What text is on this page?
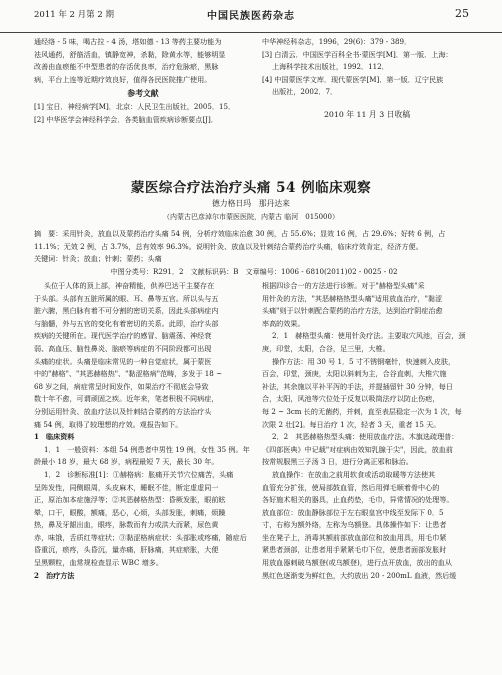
2011 年 2 月第 2 期	中国民族医药杂志	25
通经络 - 5 味，喝古拉 - 4 汤，塔如德 - 13 等药主要功能为
祛风通药，舒筋活血，镇静宽神，杀黏，除黄水等，能够明显
改善由血瘀能不中型患者的存活优良率，治疗危脉瘀，黑脉
病，平台上连等近期疗效良好，值得各民医院推广使用。
参考文献
[1] 宝日．神经病学[M]．北京：人民卫生出版社，2005．15．
[2] 中华医学会神经科学会．各类脑血管疾病诊断要点[J]．
中华神经科杂志，1996，29(6)：379 - 389．
[3] 白清云．中国医学百科全书·蒙医学[M]．第一版．上海：
上海科学技术出版社，1992．112．
[4] 中国蒙医学文库．现代蒙医学[M]．第一版．辽宁民族
出版社，2002．7．
2010 年 11 月 3 日收稿
蒙医综合疗法治疗头痛 54 例临床观察
德力格日玛　那丹达来
（内蒙古巴彦淖尔市蒙医医院，内蒙古 临河　015000）
摘　要：采用针灸，放血以及蒙药治疗头痛 54 例，分析疗效临床治愈 30 例，占 55.6%；显效 16 例，占 29.6%；好转 6 例，占
11.1%；无效 2 例，占 3.7%，总有效率 96.3%。说明针灸、放血以及针刺结合蒙药治疗头痛，临床疗效肯定，经济方便。
关键词：针灸；放血；针刺；蒙药；头痛
中图分类号：R291．2　文献标识码：B　文章编号：1006 - 6810(2011)02 - 0025 - 02
头位于人体的顶上部，神奋精能，供养巴达干主要存在
于头部。头部有五脏所属的眼、耳、鼻等五官。所以头与五
脏六腑，黑白脉有着不可分割的密切关系，因此头部病症内
与脑髓，外与五官的变化有着密切的关系。此即，治疗头部
疾病的关键所在。现代医学治疗的感冒、脑震荡、神经衰
弱、高血压、脑性鼻炎、脑瘀等病症的不同阶段都可出现
头痛的症状。头痛是临床常见的一种自觉症状，属于蒙医
中的"赫格"、"其恶赫格热"、"黏涩格病"范畴，多发于 18 ~
68 岁之间，病症常呈时间发作，如果治疗不彻底会导致
数十年不愈，可谓顽固之疾。近年来，笔者积极不同病症，
分别运用针灸、放血疗法以及针刺结合蒙药的方法治疗头
痛 54 例，取得了较理想的疗效。观报告如下。
1　临床资料
1．1　一般资料：本组 54 例患者中男性 19 例，女性 35 例。年
龄最小 18 岁，最大 68 岁，病程最短 7 天，最长 30 年。
1．2　诊断标准[1]：①赫格病：胀痛开关节穴位痛苦，头痛
呈阵发性，同侧眼周，头皮麻木，睡眠不佳，断定虚虚同一
正，原治加本症施浮等；②其恶赫格热型：昏厥发胀，眼前眩
晕，口干，眼酸，额痛，恶心，心烦，头部发胀，刺痛，烦躁
热，鼻及牙龈出血，眼疼，脉数而有力或洪大而紧，尿色黄
赤，味饿，舌质红等症状；③黏涩格病症状：头部胀或疼痛，随症后
昏重沉，瘀疼，头昏沉，量赤痛，肝脉痛，其症瘀胀，大便
呈黑颗粒，血常规检查显示 WBC 增多。
2　治疗方法
根据四诊合一的方法进行诊断。对于"赫格型头痛"采
用针灸的方法，"其恶赫格热型头痛"适用放血治疗，"黏涩
头痛"则于以针刺配合蒙药的治疗方法，达到治疗阴症治愈
率高的效果。
2．1　赫格型头痛：使用针灸疗法。主要取穴风池，百会，颈
庚，印堂，太阳，合谷，足三里，大椎。
操作方法：用 30 号 1．5 寸不锈钢毫针，快速刺入皮肤，
百会，印堂，颈庚，太阳以斜刺为主，合谷直刺，大椎穴施
补法，其余施以平补平泻的手法，并提插留针 30 分钟，每日
合，太阳，风池等穴位处于反复以吸筒法疗以防止伤疤，
每 2 ~ 3cm 长的无菌药，并刺，直至表层稳定一次为 1 次，每
次限 2 壮[2]。每日治疗 1 次，轻者 3 天，重者 15 天。
2．2　其恶赫格热型头痛：使用放血疗法。木旗选疏理普：
《四部医典》中记载"对症病由效知乳腺于尖"，因此，放血前
按常规服黑三子汤 3 日，进行分离正邪和脉治。
放血操作：在放血之前用软食或活动取暖等方法使其
血管充分扩张，使局部鼓血管，然后用弹毛顺着骨中心的
各好施术相关的器具，止血药垫，毛巾，异常情况的处理等。
放血部位：放血静脉部位于左右眼皇宫中线至发际下 0．5
寸，右称为额外络，左称为乌额登。具体操作如下：让患者
坐在凳子上，消毒其额前部放血部位和放血用具，用毛巾紧
紧患者颈部，让患者用手紧紧毛巾下位，使患者面部发胀时
用放血器刺破乌额登(或乌额登)，进行点开放血，放出的血从
黑红色逐渐变为鲜红色，大约放出 20 - 200mL 血液，然后缓
